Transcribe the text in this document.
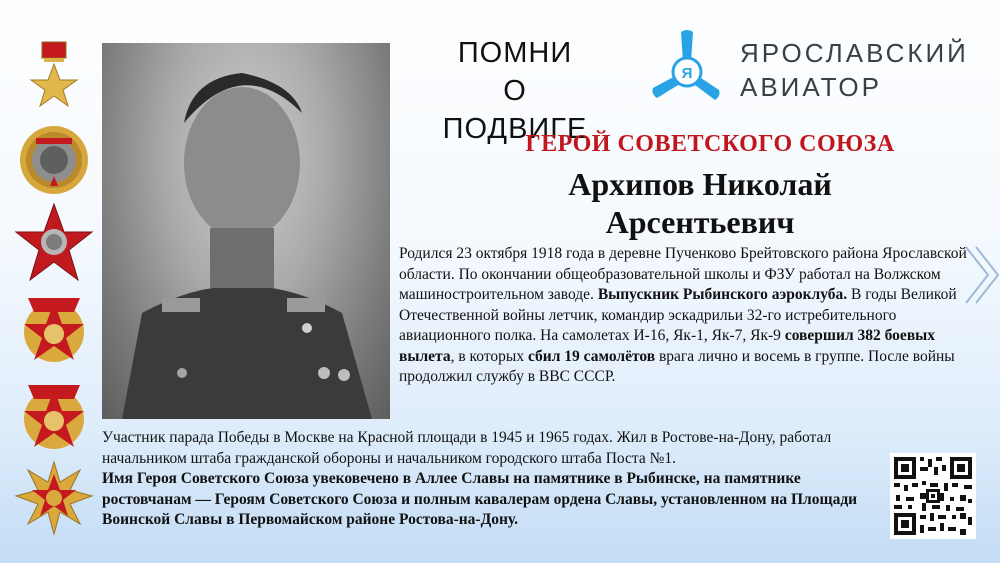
ПОМНИ
О ПОДВИГЕ
Я
ЯРОСЛАВСКИЙ
АВИАТОР
ГЕРОЙ СОВЕТСКОГО СОЮЗА
Архипов Николай
Арсентьевич
Родился 23 октября 1918 года в деревне Пученково Брейтовского района Ярославской области. По окончании общеобразовательной школы и ФЗУ работал на Волжском машиностроительном заводе. Выпускник Рыбинского аэроклуба. В годы Великой Отечественной войны летчик, командир эскадрильи 32-го истребительного авиационного полка. На самолетах И-16, Як-1, Як-7, Як-9 совершил 382 боевых вылета, в которых сбил 19 самолётов врага лично и восемь в группе. После войны продолжил службу в ВВС СССР.
Участник парада Победы в Москве на Красной площади в 1945 и 1965 годах. Жил в Ростове-на-Дону, работал начальником штаба гражданской обороны и начальником городского штаба Поста №1.
Имя Героя Советского Союза увековечено в Аллее Славы на памятнике в Рыбинске, на памятнике ростовчанам — Героям Советского Союза и полным кавалерам ордена Славы, установленном на Площади Воинской Славы в Первомайском районе Ростова-на-Дону.
